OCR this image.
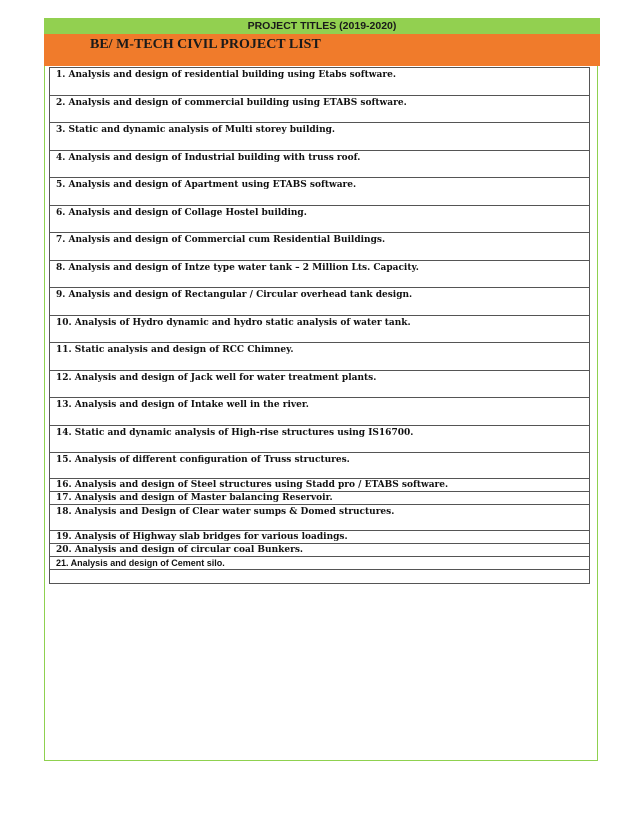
PROJECT TITLES (2019-2020)
BE/ M-TECH CIVIL PROJECT LIST
1. Analysis and design of residential building using Etabs software.
2. Analysis and design of commercial building using ETABS software.
3. Static and dynamic analysis of Multi storey building.
4. Analysis and design of Industrial building with truss roof.
5. Analysis and design of Apartment using ETABS software.
6. Analysis and design of Collage Hostel building.
7. Analysis and design of Commercial cum Residential Buildings.
8. Analysis and design of Intze type water tank – 2 Million Lts. Capacity.
9. Analysis and design of Rectangular / Circular overhead tank design.
10. Analysis of Hydro dynamic and hydro static analysis of water tank.
11. Static analysis and design of RCC Chimney.
12. Analysis and design of Jack well for water treatment plants.
13. Analysis and design of Intake well in the river.
14. Static and dynamic analysis of High-rise structures using IS16700.
15. Analysis of different configuration of Truss structures.
16. Analysis and design of Steel structures using Stadd pro / ETABS software.
17. Analysis and design of Master balancing Reservoir.
18. Analysis and Design of Clear water sumps & Domed structures.
19. Analysis of Highway slab bridges for various loadings.
20. Analysis and design of circular coal Bunkers.
21. Analysis and design of Cement silo.
